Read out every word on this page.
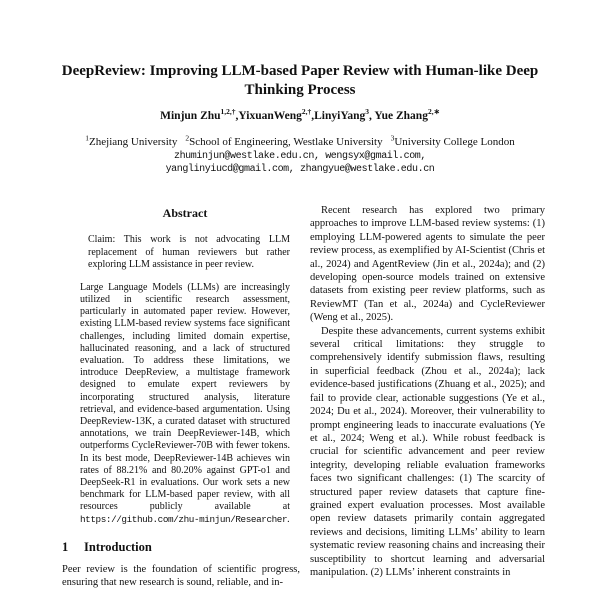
DeepReview: Improving LLM-based Paper Review with Human-like Deep
Thinking Process
Minjun Zhu$^{1,2,\dagger}$,YixuanWeng$^{2,\dagger}$,LinyiYang$^3$, Yue Zhang$^{2,∗}$
$^1$Zhejiang University $^2$School of Engineering, Westlake University $^3$University College London
zhuminjun@westlake.edu.cn, wengsyx@gmail.com,
yanglinyiucd@gmail.com, zhangyue@westlake.edu.cn
Abstract

Claim: This work is not advocating LLM replacement of human reviewers but rather exploring LLM assistance in peer review.

Large Language Models (LLMs) are increasingly utilized in scientific research assessment, particularly in automated paper review. However, existing LLM-based review systems face significant challenges, including limited domain expertise, hallucinated reasoning, and a lack of structured evaluation. To address these limitations, we introduce DeepReview, a multistage framework designed to emulate expert reviewers by incorporating structured analysis, literature retrieval, and evidence-based argumentation. Using DeepReview-13K, a curated dataset with structured annotations, we train DeepReviewer-14B, which outperforms CycleReviewer-70B with fewer tokens. In its best mode, DeepReviewer-14B achieves win rates of 88.21% and 80.20% against GPT-o1 and DeepSeek-R1 in evaluations. Our work sets a new benchmark for LLM-based paper review, with all resources publicly available at https://github.com/zhu-minjun/Researcher.

1 Introduction

Peer review is the foundation of scientific progress, ensuring that new research is sound, reliable, and in-

Recent research has explored two primary approaches to improve LLM-based review systems: (1) employing LLM-powered agents to simulate the peer review process, as exemplified by AI-Scientist (Chris et al., 2024) and AgentReview (Jin et al., 2024a); and (2) developing open-source models trained on extensive datasets from existing peer review platforms, such as ReviewMT (Tan et al., 2024a) and CycleReviewer (Weng et al., 2025).

Despite these advancements, current systems exhibit several critical limitations: they struggle to comprehensively identify submission flaws, resulting in superficial feedback (Zhou et al., 2024a); lack evidence-based justifications (Zhuang et al., 2025); and fail to provide clear, actionable suggestions (Ye et al., 2024; Du et al., 2024). Moreover, their vulnerability to prompt engineering leads to inaccurate evaluations (Ye et al., 2024; Weng et al.). While robust feedback is crucial for scientific advancement and peer review integrity, developing reliable evaluation frameworks faces two significant challenges: (1) The scarcity of structured paper review datasets that capture fine-grained expert evaluation processes. Most available open review datasets primarily contain aggregated reviews and decisions, limiting LLMs’ ability to learn systematic review reasoning chains and increasing their susceptibility to shortcut learning and adversarial manipulation. (2) LLMs’ inherent constraints in
